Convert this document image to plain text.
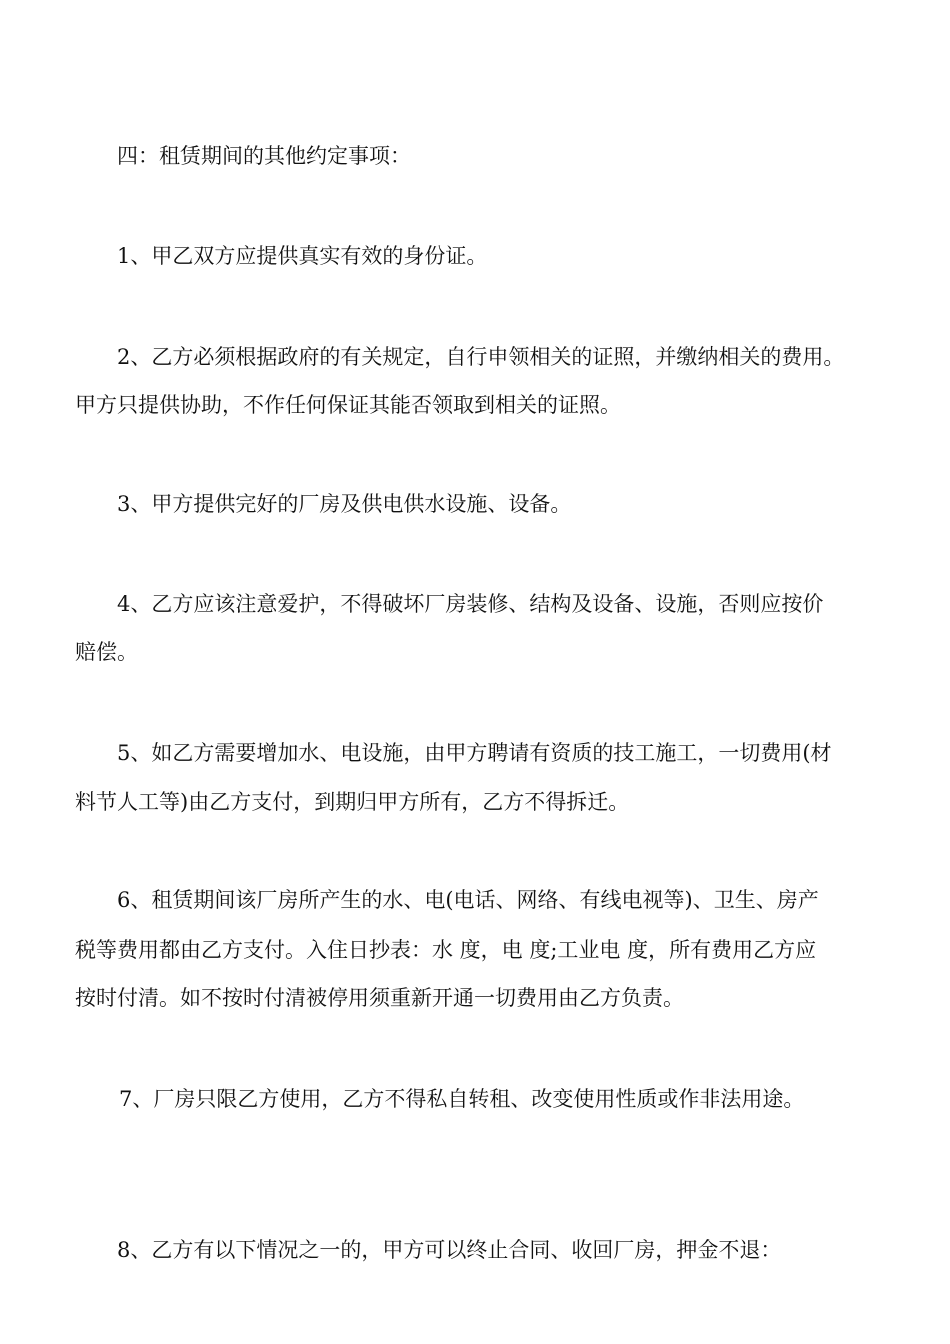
四：租赁期间的其他约定事项：

1、甲乙双方应提供真实有效的身份证。

2、乙方必须根据政府的有关规定，自行申领相关的证照，并缴纳相关的费用。

甲方只提供协助，不作任何保证其能否领取到相关的证照。

3、甲方提供完好的厂房及供电供水设施、设备。

4、乙方应该注意爱护，不得破坏厂房装修、结构及设备、设施，否则应按价

赔偿。

5、如乙方需要增加水、电设施，由甲方聘请有资质的技工施工，一切费用(材

料节人工等)由乙方支付，到期归甲方所有，乙方不得拆迁。

6、租赁期间该厂房所产生的水、电(电话、网络、有线电视等)、卫生、房产

税等费用都由乙方支付。入住日抄表：水 度，电 度;工业电 度，所有费用乙方应

按时付清。如不按时付清被停用须重新开通一切费用由乙方负责。

7、厂房只限乙方使用，乙方不得私自转租、改变使用性质或作非法用途。

8、乙方有以下情况之一的，甲方可以终止合同、收回厂房，押金不退：
